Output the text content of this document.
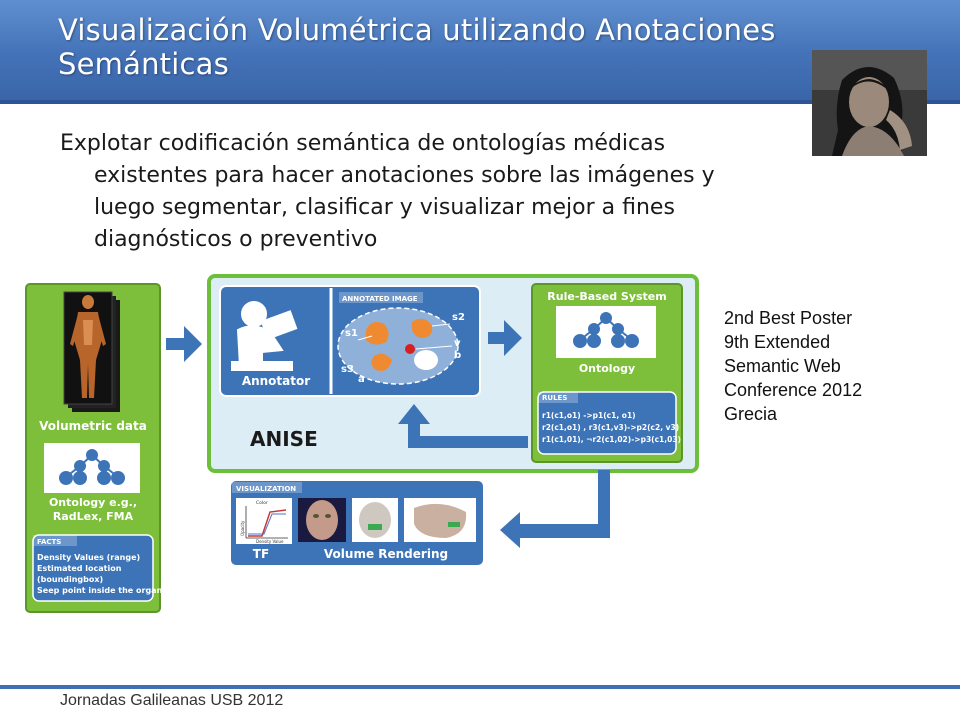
Visualización Volumétrica utilizando Anotaciones Semánticas
Explotar codificación semántica de ontologías médicas
existentes para hacer anotaciones sobre las imágenes y
luego segmentar, clasificar y visualizar mejor a fines
diagnósticos o preventivo
2nd Best Poster
9th Extended
Semantic Web
Conference 2012
Grecia
Volumetric data
Ontology e.g.,
RadLex, FMA
FACTS
Density Values (range)
Estimated location
(boundingbox)
Seep point inside the organ
Annotator
ANNOTATED IMAGE
s1
s2
s3
v
b
a
Rule-Based System
Ontology
RULES
r1(c1,o1) ->p1(c1, o1)
r2(c1,o1) , r3(c1,v3)->p2(c2, v3)
r1(c1,01), ¬r2(c1,02)->p3(c1,03)
ANISE
VISUALIZATION
Color
Opacity
Density Value
TF	Volume Rendering
Jornadas Galileanas USB 2012
